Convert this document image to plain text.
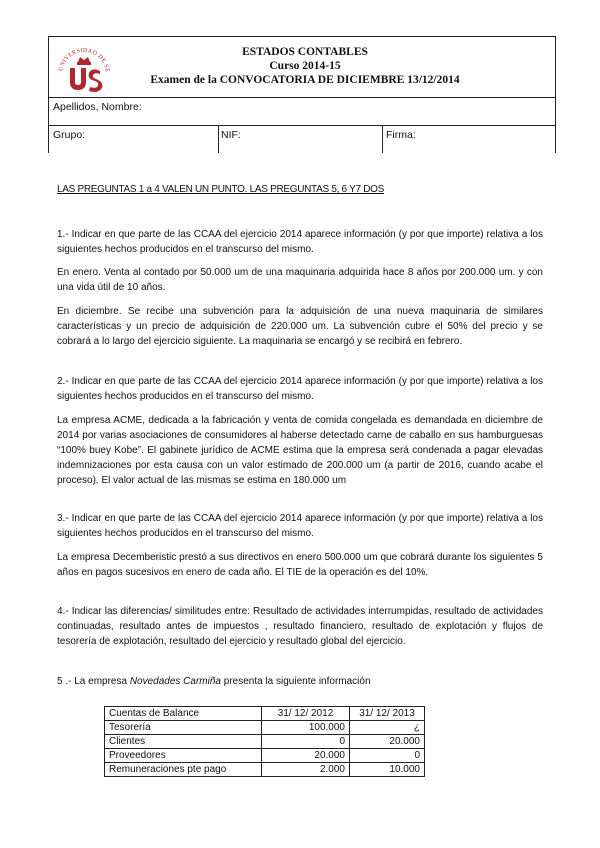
UNIVERSIDAD DE SE
ESTADOS CONTABLES
Curso 2014-15
Examen de la CONVOCATORIA DE DICIEMBRE 13/12/2014
Apellidos, Nombre:
Grupo:	NIF:	Firma:
LAS PREGUNTAS 1 a 4 VALEN UN PUNTO. LAS PREGUNTAS 5, 6 Y7 DOS
1.- Indicar en que parte de las CCAA del ejercicio 2014 aparece información (y por que importe) relativa a los siguientes hechos producidos en el transcurso del mismo.
En enero. Venta al contado por 50.000 um de una maquinaria adquirida hace 8 años por 200.000 um. y con una vida útil de 10 años.
En diciembre. Se recibe una subvención para la adquisición de una nueva maquinaria de similares características y un precio de adquisición de 220.000 um. La subvención cubre el 50% del precio y se cobrará a lo largo del ejercicio siguiente. La maquinaria se encargó y se recibirá en febrero.
2.- Indicar en que parte de las CCAA del ejercicio 2014 aparece información (y por que importe) relativa a los siguientes hechos producidos en el transcurso del mismo.
La empresa ACME, dedicada a la fabricación y venta de comida congelada es demandada en diciembre de 2014 por varias asociaciones de consumidores al haberse detectado carne de caballo en sus hamburguesas “100% buey Kobe”. El gabinete jurídico de ACME estima que la empresa será condenada a pagar elevadas indemnizaciones por esta causa con un valor estimado de 200.000 um (a partir de 2016, cuando acabe el proceso). El valor actual de las mismas se estima en 180.000 um
3.- Indicar en que parte de las CCAA del ejercicio 2014 aparece información (y por que importe) relativa a los siguientes hechos producidos en el transcurso del mismo.
La empresa Decemberistic prestó a sus directivos en enero 500.000 um que cobrará durante los siguientes 5 años en pagos sucesivos en enero de cada año. El TIE de la operación es del 10%.
4.- Indicar las diferencias/ similitudes entre: Resultado de actividades interrumpidas, resultado de actividades continuadas, resultado antes de impuestos , resultado financiero, resultado de explotación y flujos de tesorería de explotación, resultado del ejercicio y resultado global del ejercicio.
5 .- La empresa Novedades Carmiña presenta la siguiente información
Cuentas de Balance	31/ 12/ 2012	31/ 12/ 2013
Tesorería	100.000	¿
Clientes	0	20.000
Proveedores	20.000	0
Remuneraciones pte pago	2.000	10.000
